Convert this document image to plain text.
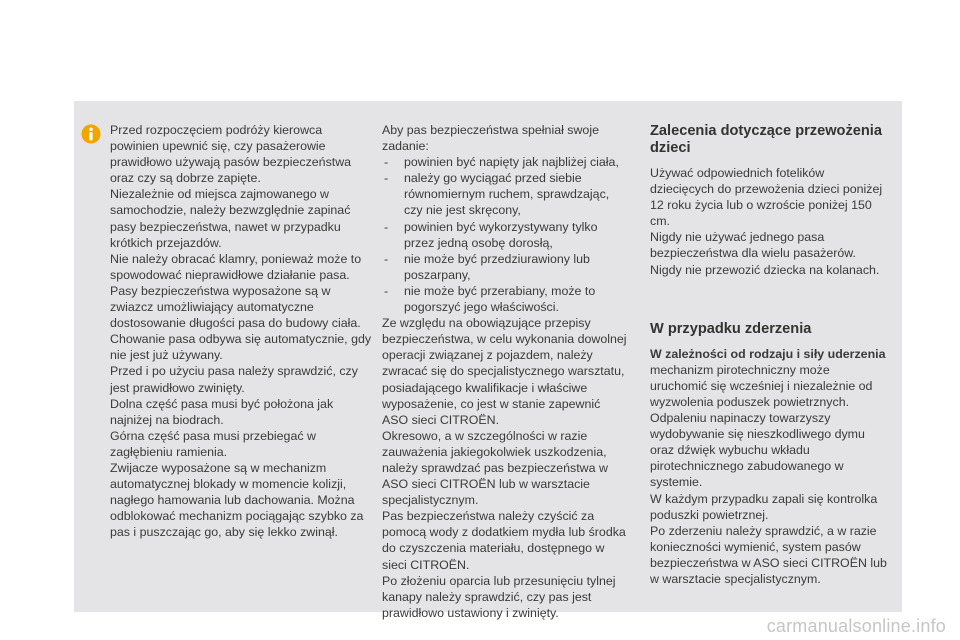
Przed rozpoczęciem podróży kierowca powinien upewnić się, czy pasażerowie prawidłowo używają pasów bezpieczeństwa oraz czy są dobrze zapięte.

Niezależnie od miejsca zajmowanego w samochodzie, należy bezwzględnie zapinać pasy bezpieczeństwa, nawet w przypadku krótkich przejazdów.

Nie należy obracać klamry, ponieważ może to spowodować nieprawidłowe działanie pasa.

Pasy bezpieczeństwa wyposażone są w zwiazcz umożliwiający automatyczne dostosowanie długości pasa do budowy ciała. Chowanie pasa odbywa się automatycznie, gdy nie jest już używany.

Przed i po użyciu pasa należy sprawdzić, czy jest prawidłowo zwinięty.

Dolna część pasa musi być położona jak najniżej na biodrach.

Górna część pasa musi przebiegać w zagłębieniu ramienia.

Zwijacze wyposażone są w mechanizm automatycznej blokady w momencie kolizji, nagłego hamowania lub dachowania. Można odblokować mechanizm pociągając szybko za pas i puszczając go, aby się lekko zwinął.

Aby pas bezpieczeństwa spełniał swoje zadanie:

- powinien być napięty jak najbliżej ciała,
- należy go wyciągać przed siebie równomiernym ruchem, sprawdzając, czy nie jest skręcony,
- powinien być wykorzystywany tylko przez jedną osobę dorosłą,
- nie może być przedziurawiony lub poszarpany,
- nie może być przerabiany, może to pogorszyć jego właściwości.

Ze względu na obowiązujące przepisy bezpieczeństwa, w celu wykonania dowolnej operacji związanej z pojazdem, należy zwracać się do specjalistycznego warsztatu, posiadającego kwalifikacje i właściwe wyposażenie, co jest w stanie zapewnić ASO sieci CITROËN.

Okresowo, a w szczególności w razie zauważenia jakiegokolwiek uszkodzenia, należy sprawdzać pas bezpieczeństwa w ASO sieci CITROËN lub w warsztacie specjalistycznym.

Pas bezpieczeństwa należy czyścić za pomocą wody z dodatkiem mydła lub środka do czyszczenia materiału, dostępnego w sieci CITROËN.

Po złożeniu oparcia lub przesunięciu tylnej kanapy należy sprawdzić, czy pas jest prawidłowo ustawiony i zwinięty.

Zalecenia dotyczące przewożenia dzieci

Używać odpowiednich fotelików dziecięcych do przewożenia dzieci poniżej 12 roku życia lub o wzroście poniżej 150 cm.

Nigdy nie używać jednego pasa bezpieczeństwa dla wielu pasażerów.

Nigdy nie przewozić dziecka na kolanach.

W przypadku zderzenia

W zależności od rodzaju i siły uderzenia mechanizm pirotechniczny może uruchomić się wcześniej i niezależnie od wyzwolenia poduszek powietrznych. Odpaleniu napinaczy towarzyszy wydobywanie się nieszkodliwego dymu oraz dźwięk wybuchu wkładu pirotechnicznego zabudowanego w systemie.

W każdym przypadku zapali się kontrolka poduszki powietrznej.

Po zderzeniu należy sprawdzić, a w razie konieczności wymienić, system pasów bezpieczeństwa w ASO sieci CITROËN lub w warsztacie specjalistycznym.

carmanualsonline.info
